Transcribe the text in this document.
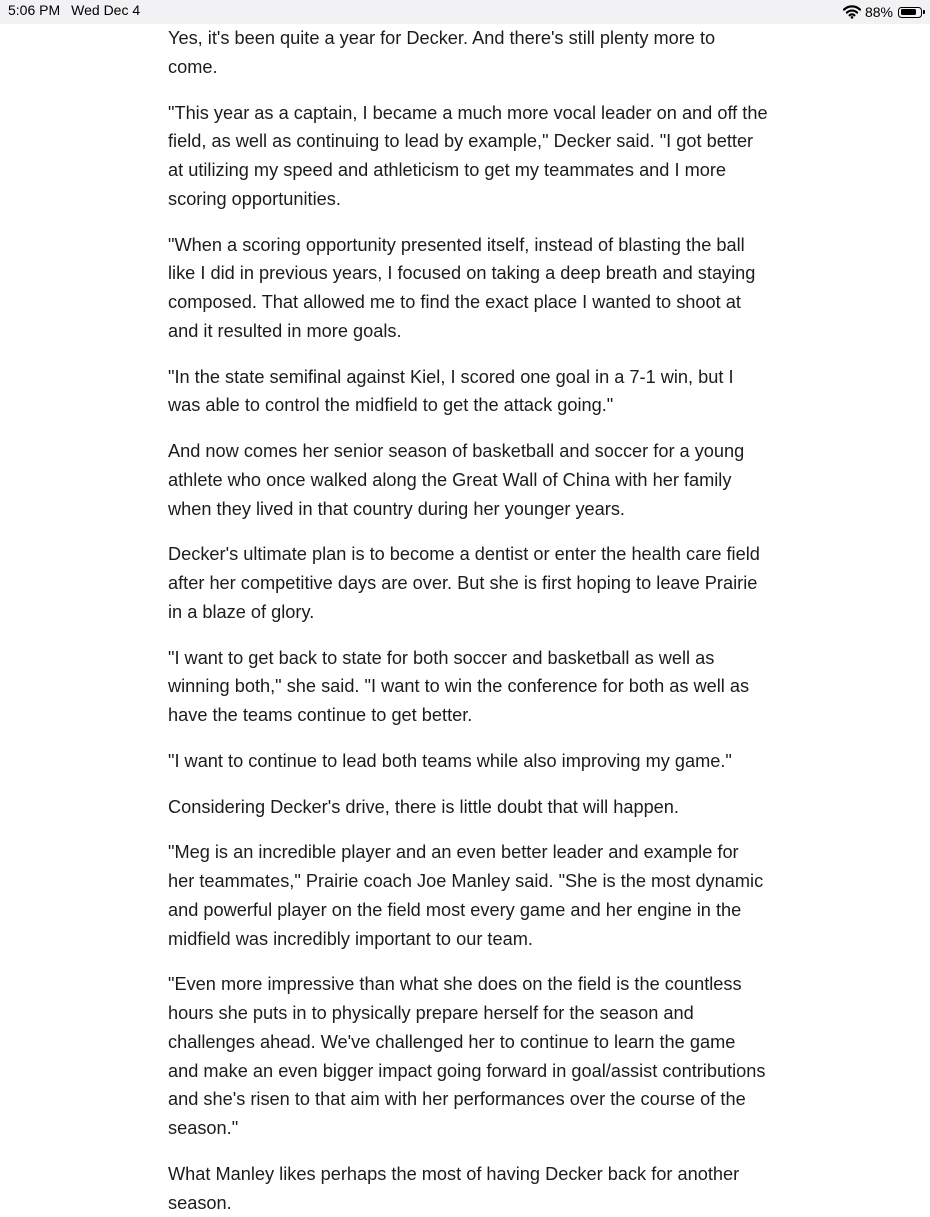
5:06 PM Wed Dec 4	88%

Yes, it's been quite a year for Decker. And there's still plenty more to come.

"This year as a captain, I became a much more vocal leader on and off the field, as well as continuing to lead by example," Decker said. "I got better at utilizing my speed and athleticism to get my teammates and I more scoring opportunities.

"When a scoring opportunity presented itself, instead of blasting the ball like I did in previous years, I focused on taking a deep breath and staying composed. That allowed me to find the exact place I wanted to shoot at and it resulted in more goals.

"In the state semifinal against Kiel, I scored one goal in a 7-1 win, but I was able to control the midfield to get the attack going."

And now comes her senior season of basketball and soccer for a young athlete who once walked along the Great Wall of China with her family when they lived in that country during her younger years.

Decker's ultimate plan is to become a dentist or enter the health care field after her competitive days are over. But she is first hoping to leave Prairie in a blaze of glory.

"I want to get back to state for both soccer and basketball as well as winning both," she said. "I want to win the conference for both as well as have the teams continue to get better.

"I want to continue to lead both teams while also improving my game."

Considering Decker's drive, there is little doubt that will happen.

"Meg is an incredible player and an even better leader and example for her teammates," Prairie coach Joe Manley said. "She is the most dynamic and powerful player on the field most every game and her engine in the midfield was incredibly important to our team.

"Even more impressive than what she does on the field is the countless hours she puts in to physically prepare herself for the season and challenges ahead. We've challenged her to continue to learn the game and make an even bigger impact going forward in goal/assist contributions and she's risen to that aim with her performances over the course of the season."

What Manley likes perhaps the most of having Decker back for another season.
